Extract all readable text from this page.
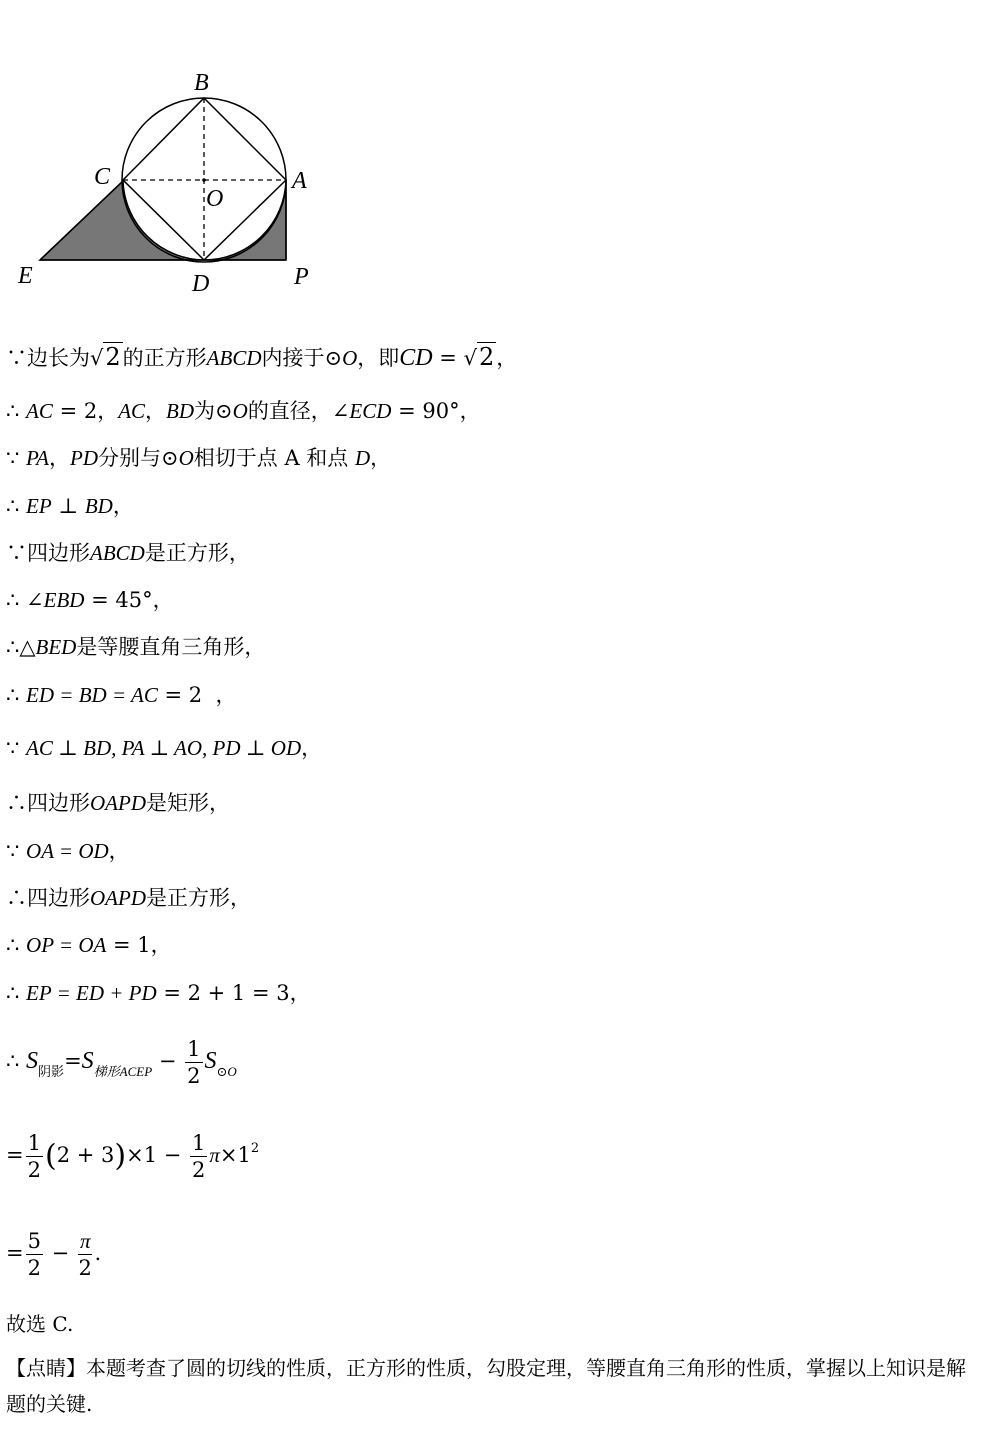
B
C	A
O
E	D	P
∵边长为√2的正方形ABCD内接于⊙O，即CD = √2，
∴ AC = 2，AC，BD为⊙O的直径，∠ECD = 90°，
∵ PA，PD分别与⊙O相切于点 A 和点 D，
∴ EP ⊥ BD，
∵四边形ABCD是正方形，
∴ ∠EBD = 45°，
∴△BED是等腰直角三角形，
∴ ED = BD = AC = 2  ，
∵ AC ⊥ BD, PA ⊥ AO, PD ⊥ OD，
∴四边形OAPD是矩形，
∵ OA = OD，
∴四边形OAPD是正方形，
∴ OP = OA = 1，
∴ EP = ED + PD = 2 + 1 = 3，
∴ $S_{阴影}=S_{梯形ACEP} - \frac{1}{2} S_{⊙O}$
= $\frac{1}{2} (2 + 3)\times 1 - \frac{1}{2} \pi\times 1^2$
= $\frac{5}{2} - \frac{\pi}{2}$ .
故选 C.
【点睛】本题考查了圆的切线的性质，正方形的性质，勾股定理，等腰直角三角形的性质，掌握以上知识是解题的关键.
